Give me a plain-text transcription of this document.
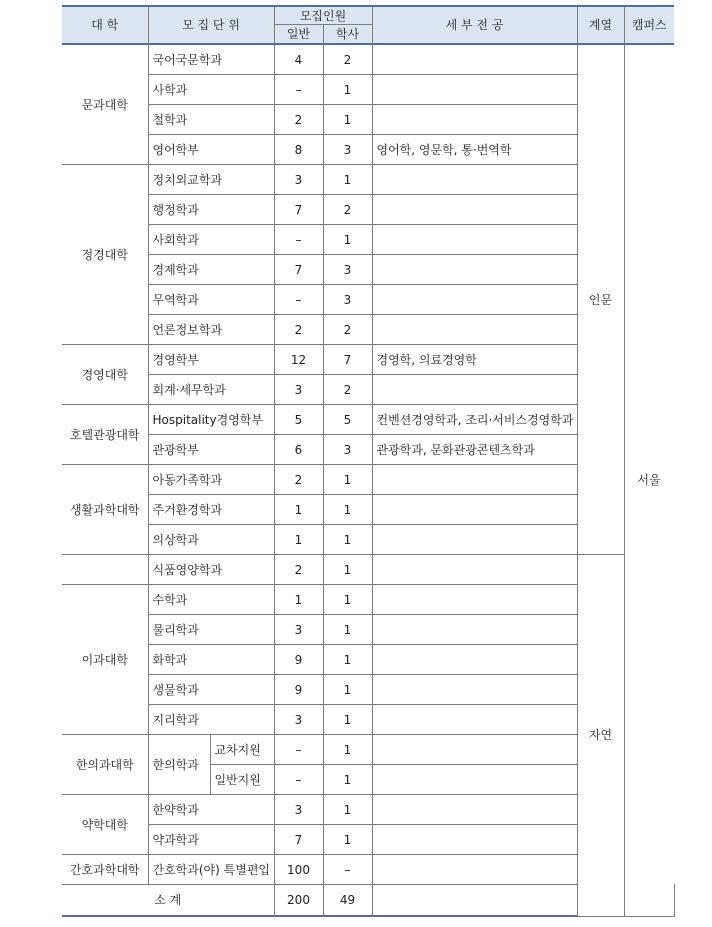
대 학	모 집 단 위		모집인원		세 부 전 공	계열	캠퍼스	
			일반	학사				
문과대학	국어국문학과		4	2		인문	서울	
	사학과		–	1				
	철학과		2	1				
	영어학부		8	3	영어학, 영문학, 통·번역학			
정경대학	정치외교학과		3	1				
	행정학과		7	2				
	사회학과		–	1				
	경제학과		7	3				
	무역학과		–	3				
	언론정보학과		2	2				
경영대학	경영학부		12	7	경영학, 의료경영학			
	회계·세무학과		3	2				
호텔관광대학	Hospitality경영학부		5	5	컨벤션경영학과, 조리·서비스경영학과			
	관광학부		6	3	관광학과, 문화관광콘텐츠학과			
생활과학대학	아동가족학과		2	1				
	주거환경학과		1	1				
	의상학과		1	1				
	식품영양학과		2	1		자연		
이과대학	수학과		1	1				
	물리학과		3	1				
	화학과		9	1				
	생물학과		9	1				
	지리학과		3	1				
한의과대학	한의학과	교차지원	–	1				
		일반지원	–	1				
약학대학	한약학과		3	1				
	약과학과		7	1				
간호과학대학	간호학과(야) 특별편입		100	–				
소 계			200	49				
